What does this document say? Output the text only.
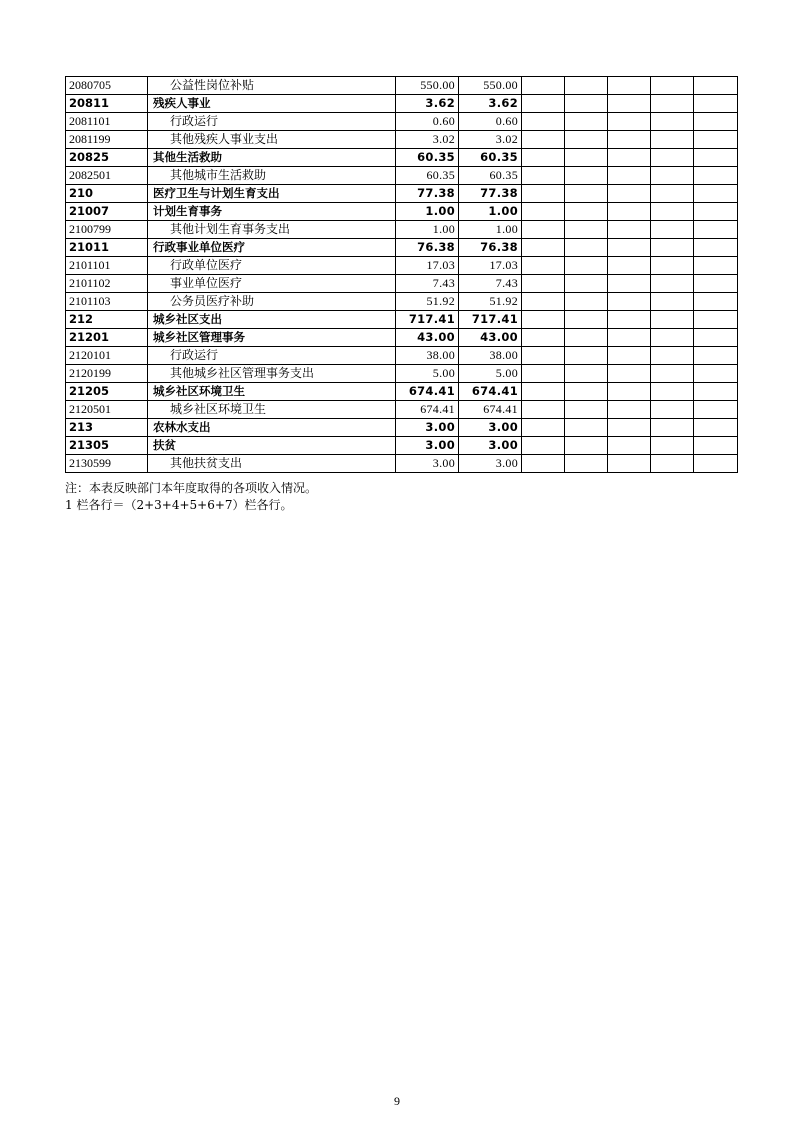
2080705	公益性岗位补贴	550.00	550.00					
20811	残疾人事业	3.62	3.62					
2081101	行政运行	0.60	0.60					
2081199	其他残疾人事业支出	3.02	3.02					
20825	其他生活救助	60.35	60.35					
2082501	其他城市生活救助	60.35	60.35					
210	医疗卫生与计划生育支出	77.38	77.38					
21007	计划生育事务	1.00	1.00					
2100799	其他计划生育事务支出	1.00	1.00					
21011	行政事业单位医疗	76.38	76.38					
2101101	行政单位医疗	17.03	17.03					
2101102	事业单位医疗	7.43	7.43					
2101103	公务员医疗补助	51.92	51.92					
212	城乡社区支出	717.41	717.41					
21201	城乡社区管理事务	43.00	43.00					
2120101	行政运行	38.00	38.00					
2120199	其他城乡社区管理事务支出	5.00	5.00					
21205	城乡社区环境卫生	674.41	674.41					
2120501	城乡社区环境卫生	674.41	674.41					
213	农林水支出	3.00	3.00					
21305	扶贫	3.00	3.00					
2130599	其他扶贫支出	3.00	3.00					
注：本表反映部门本年度取得的各项收入情况。
1 栏各行＝（2+3+4+5+6+7）栏各行。
9
